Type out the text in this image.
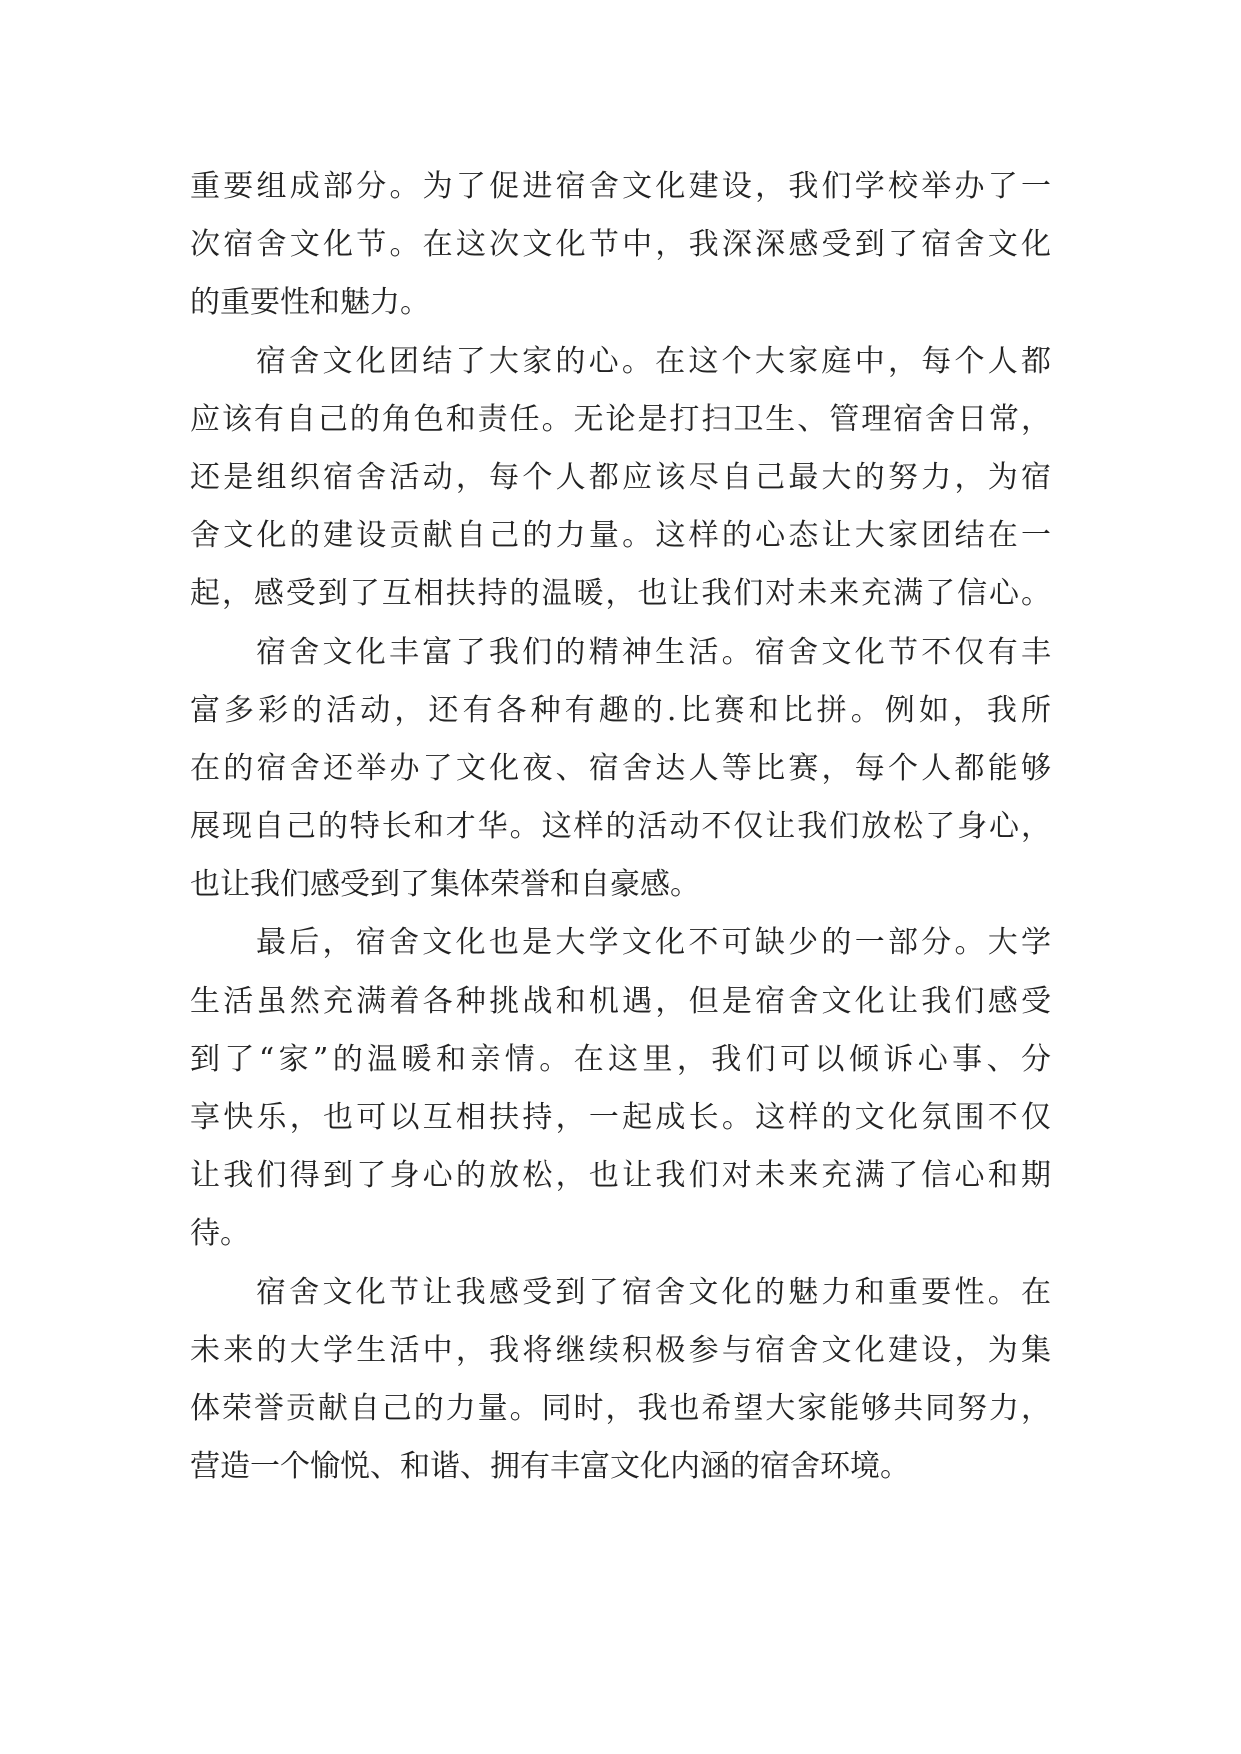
重要组成部分。为了促进宿舍文化建设，我们学校举办了一
次宿舍文化节。在这次文化节中，我深深感受到了宿舍文化
的重要性和魅力。
宿舍文化团结了大家的心。在这个大家庭中，每个人都
应该有自己的角色和责任。无论是打扫卫生、管理宿舍日常，
还是组织宿舍活动，每个人都应该尽自己最大的努力，为宿
舍文化的建设贡献自己的力量。这样的心态让大家团结在一
起，感受到了互相扶持的温暖，也让我们对未来充满了信心。
宿舍文化丰富了我们的精神生活。宿舍文化节不仅有丰
富多彩的活动，还有各种有趣的.比赛和比拼。例如，我所
在的宿舍还举办了文化夜、宿舍达人等比赛，每个人都能够
展现自己的特长和才华。这样的活动不仅让我们放松了身心，
也让我们感受到了集体荣誉和自豪感。
最后，宿舍文化也是大学文化不可缺少的一部分。大学
生活虽然充满着各种挑战和机遇，但是宿舍文化让我们感受
到了“家”的温暖和亲情。在这里，我们可以倾诉心事、分
享快乐，也可以互相扶持，一起成长。这样的文化氛围不仅
让我们得到了身心的放松，也让我们对未来充满了信心和期
待。
宿舍文化节让我感受到了宿舍文化的魅力和重要性。在
未来的大学生活中，我将继续积极参与宿舍文化建设，为集
体荣誉贡献自己的力量。同时，我也希望大家能够共同努力，
营造一个愉悦、和谐、拥有丰富文化内涵的宿舍环境。
